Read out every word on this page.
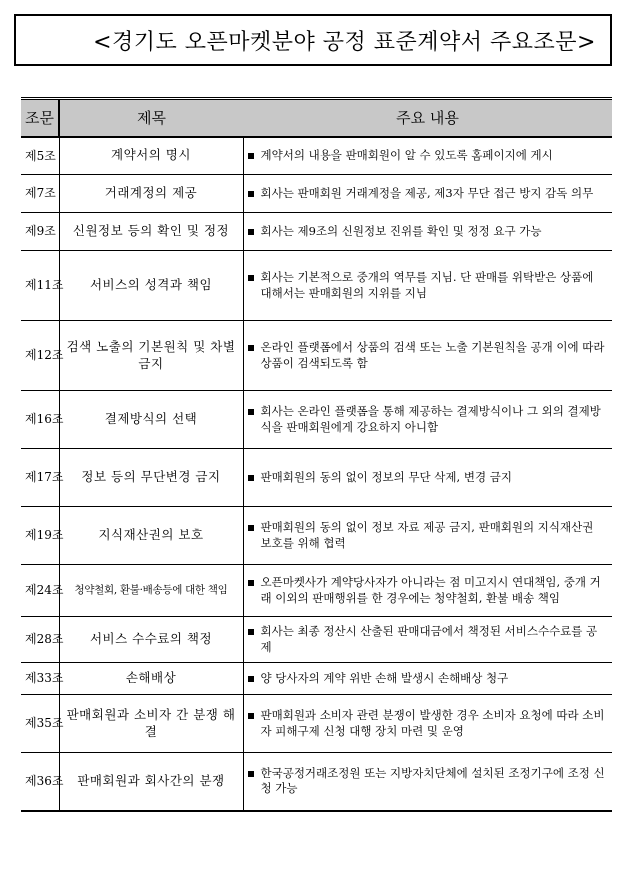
<경기도 오픈마켓분야 공정 표준계약서 주요조문>
조문	제목	주요 내용
제5조	계약서의 명시	계약서의 내용을 판매회원이 알 수 있도록 홈페이지에 게시

제7조	거래계정의 제공	회사는 판매회원 거래계정을 제공, 제3자 무단 접근 방지 감독 의무

제9조	신원정보 등의 확인 및 정정	회사는 제9조의 신원정보 진위를 확인 및 정정 요구 가능

제11조	서비스의 성격과 책임	회사는 기본적으로 중개의 역무를 지님. 단 판매를 위탁받은 상품에 대해서는 판매회원의 지위를 지님

제12조	검색 노출의 기본원칙 및 차별금지	온라인 플랫폼에서 상품의 검색 또는 노출 기본원칙을 공개 이에 따라 상품이 검색되도록 함

제16조	결제방식의 선택	회사는 온라인 플랫폼을 통해 제공하는 결제방식이나 그 외의 결제방식을 판매회원에게 강요하지 아니함

제17조	정보 등의 무단변경 금지	판매회원의 동의 없이 정보의 무단 삭제, 변경 금지

제19조	지식재산권의 보호	판매회원의 동의 없이 정보 자료 제공 금지, 판매회원의 지식재산권 보호를 위해 협력

제24조	청약철회, 환불·배송등에 대한 책임	오픈마켓사가 계약당사자가 아니라는 점 미고지시 연대책임, 중개 거래 이외의 판매행위를 한 경우에는 청약철회, 환불 배송 책임

제28조	서비스 수수료의 책정	회사는 최종 정산시 산출된 판매대금에서 책정된 서비스수수료를 공제

제33조	손해배상	양 당사자의 계약 위반 손해 발생시 손해배상 청구

제35조	판매회원과 소비자 간 분쟁 해결	판매회원과 소비자 관련 분쟁이 발생한 경우 소비자 요청에 따라 소비자 피해구제 신청 대행 장치 마련 및 운영

제36조	판매회원과 회사간의 분쟁	한국공정거래조정원 또는 지방자치단체에 설치된 조정기구에 조정 신청 가능
